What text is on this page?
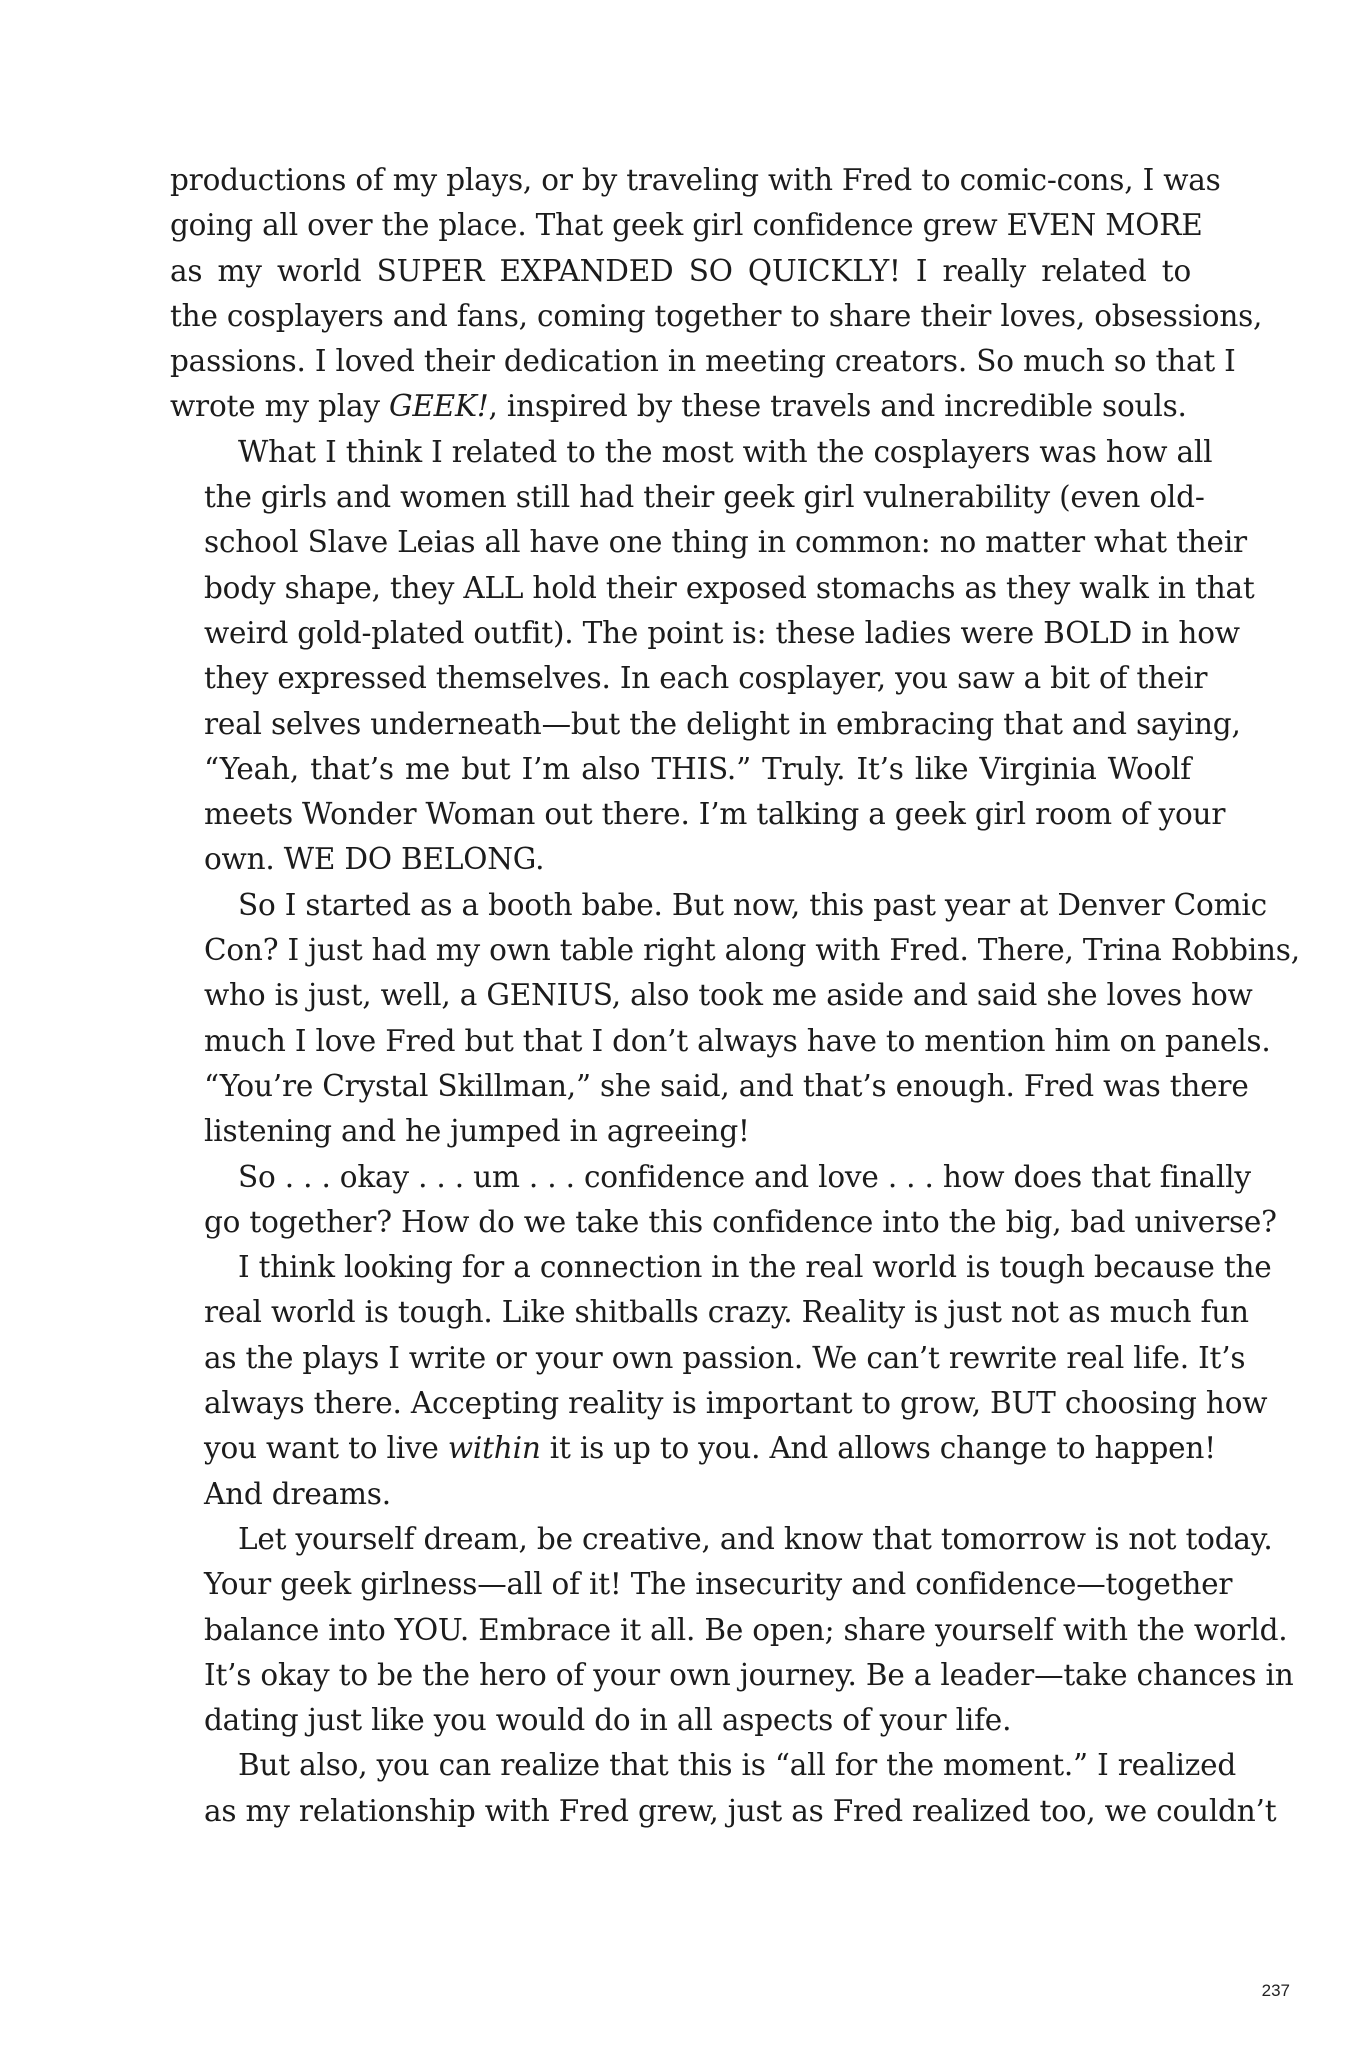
productions of my plays, or by traveling with Fred to comic-cons, I was
going all over the place. That geek girl confidence grew EVEN MORE
as my world SUPER EXPANDED SO QUICKLY! I really related to
the cosplayers and fans, coming together to share their loves, obsessions,
passions. I loved their dedication in meeting creators. So much so that I
wrote my play GEEK!, inspired by these travels and incredible souls.
What I think I related to the most with the cosplayers was how all
the girls and women still had their geek girl vulnerability (even old-
school Slave Leias all have one thing in common: no matter what their
body shape, they ALL hold their exposed stomachs as they walk in that
weird gold-plated outfit). The point is: these ladies were BOLD in how
they expressed themselves. In each cosplayer, you saw a bit of their
real selves underneath—but the delight in embracing that and saying,
“Yeah, that’s me but I’m also THIS.” Truly. It’s like Virginia Woolf
meets Wonder Woman out there. I’m talking a geek girl room of your
own. WE DO BELONG.
So I started as a booth babe. But now, this past year at Denver Comic
Con? I just had my own table right along with Fred. There, Trina Robbins,
who is just, well, a GENIUS, also took me aside and said she loves how
much I love Fred but that I don’t always have to mention him on panels.
“You’re Crystal Skillman,” she said, and that’s enough. Fred was there
listening and he jumped in agreeing!
So . . . okay . . . um . . . confidence and love . . . how does that finally
go together? How do we take this confidence into the big, bad universe?
I think looking for a connection in the real world is tough because the
real world is tough. Like shitballs crazy. Reality is just not as much fun
as the plays I write or your own passion. We can’t rewrite real life. It’s
always there. Accepting reality is important to grow, BUT choosing how
you want to live within it is up to you. And allows change to happen!
And dreams.
Let yourself dream, be creative, and know that tomorrow is not today.
Your geek girlness—all of it! The insecurity and confidence—together
balance into YOU. Embrace it all. Be open; share yourself with the world.
It’s okay to be the hero of your own journey. Be a leader—take chances in
dating just like you would do in all aspects of your life.
But also, you can realize that this is “all for the moment.” I realized
as my relationship with Fred grew, just as Fred realized too, we couldn’t
237
